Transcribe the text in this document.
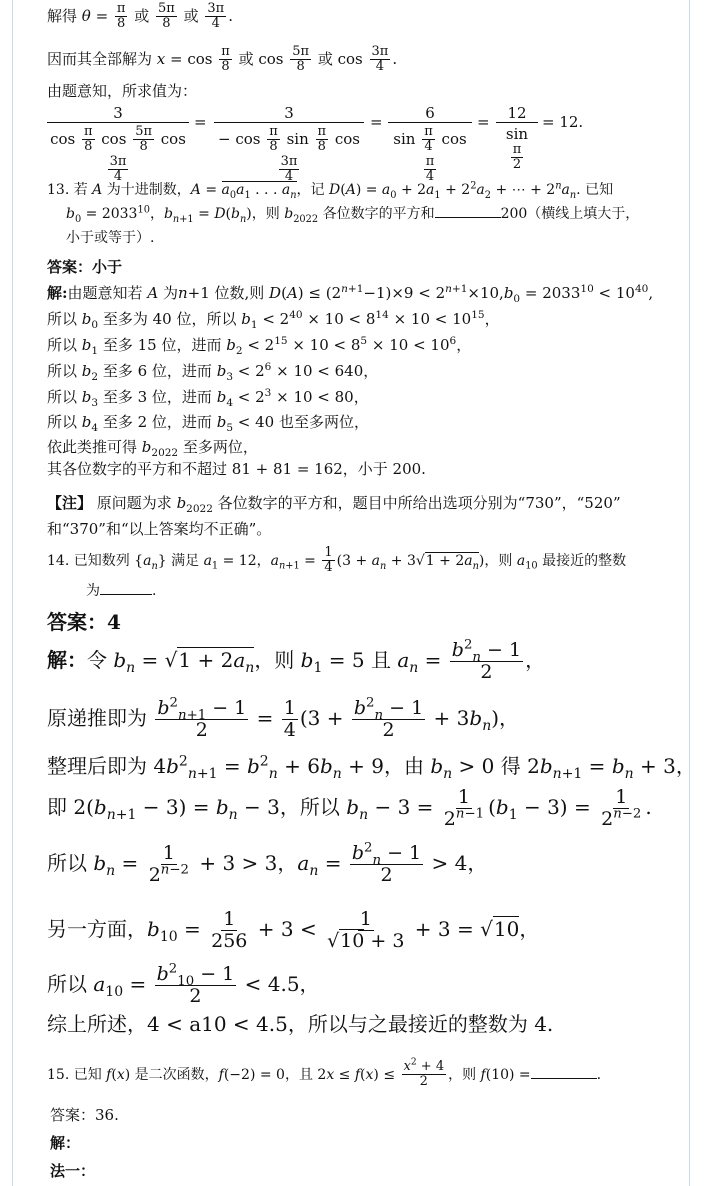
解得 $\theta = \frac{\pi}{8}$ 或 $\frac{5\pi}{8}$ 或 $\frac{3\pi}{4}$ .
因而其全部解为 $x = \cos \frac{\pi}{8}$ 或 $\cos \frac{5\pi}{8}$ 或 $\cos \frac{3\pi}{4}$ .
由题意知，所求值为：
3
$\cos \frac{\pi}{8}$ $\cos \frac{5\pi}{8}$ cos
$\frac{3\pi}{4}$
=	3
− $\cos \frac{\pi}{8}$ $\sin \frac{\pi}{8}$ cos
$\frac{3\pi}{4}$
=	6
$\sin \frac{\pi}{4}$ cos
$\frac{\pi}{4}$
=	12
sin
$\frac{\pi}{2}$
= 12.
13. 若 A 为十进制数，$A = a_0a_1$ . . . $a_n$，记 $D(A) = a_0 + 2a_1 + 2^2a_2$ + ⋯ + $2^na_n$. 已知
$b_0 = 2033^{10}$，$b_{n+1} = D(b_n)$，则 $b_{2022}$ 各位数字的平方和	200（横线上填大于，
小于或等于）.
答案：小于
解:由题意知若 A 为n+1 位数,则 $D(A) \le (2^{n+1}-1)\times 9 < 2^{n+1}\times 10,b_0 = 2033^{10} < 10^{40}$,
所以 $b_0$ 至多为 40 位，所以 $b_1 < 2^{40} \times 10 < 8^{14} \times 10 < 10^{15}$，
所以 $b_1$ 至多 15 位，进而 $b_2 < 2^{15} \times 10 < 8^5 \times 10 < 10^6$，
所以 $b_2$ 至多 6 位，进而 $b_3 < 2^6 \times 10 < 640$，
所以 $b_3$ 至多 3 位，进而 $b_4 < 2^3 \times 10 < 80$，
所以 $b_4$ 至多 2 位，进而 $b_5 < 40$ 也至多两位，
依此类推可得 $b_{2022}$ 至多两位，
其各位数字的平方和不超过 81 + 81 = 162，小于 200.
【注】 原问题为求 $b_{2022}$ 各位数字的平方和，题目中所给出选项分别为“730”，“520”
和“370”和“以上答案均不正确”。
14. 已知数列 $\{a_n\}$ 满足 $a_1 = 12$，$a_{n+1} = \frac{1}{4} (3 + a_n + 3√1 + 2a_n)$，则 $a_{10}$ 最接近的整数
为	.
答案：4
解：令 $b_n = √1 + 2a_n$，则 $b_1 = 5$ 且 $a_n = \frac{b^2_n - 1}{2}$ ，
原递推即为 $\frac{b^2_{n+1} - 1}{2} = \frac{1}{4} (3 + \frac{b^2_n - 1}{2} + 3b_n)$，
整理后即为 $4b^2_{n+1} = b^2_n + 6b_n + 9$，由 $b_n > 0$ 得 $2b_{n+1} = b_n + 3$，
即 $2(b_{n+1} - 3) = b_n - 3$，所以 $b_n - 3 = \frac{1}{2^{n-1}} (b_1 - 3) = \frac{1}{2^{n-2}}$ .
所以 $b_n = \frac{1}{2^{n-2}} + 3 > 3$，$a_n = \frac{b^2_n - 1}{2} > 4$，
另一方面，$b_{10} = \frac{1}{256} + 3 < \frac{1}{√10 + 3} + 3 = √10$，
所以 $a_{10} = \frac{b^2_{10} - 1}{2} < 4.5$，
综上所述，4 < a10 < 4.5，所以与之最接近的整数为 4.
15. 已知 f(x) 是二次函数，f(−2) = 0，且 $2x \le f(x) \le \frac{x^2 + 4}{2}$ ，则 f(10) =	.
答案：36.
解：
法一：
